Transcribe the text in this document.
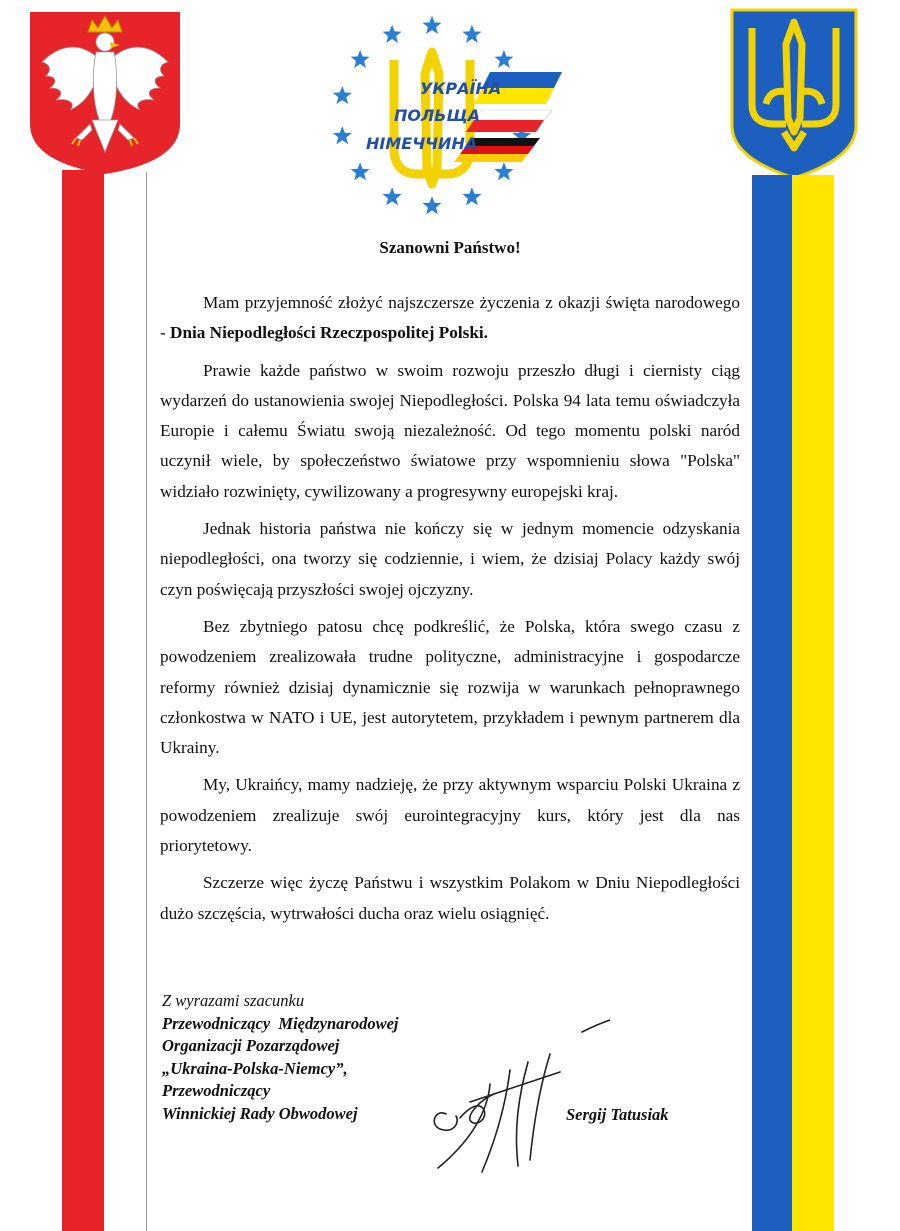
УКРАЇНА
ПОЛЬЩА
НІМЕЧЧИНА
Szanowni Państwo!

Mam przyjemność złożyć najszczersze życzenia z okazji święta narodowego - Dnia Niepodległości Rzeczpospolitej Polski.

Prawie każde państwo w swoim rozwoju przeszło długi i ciernisty ciąg wydarzeń do ustanowienia swojej Niepodległości. Polska 94 lata temu oświadczyła Europie i całemu Światu swoją niezależność. Od tego momentu polski naród uczynił wiele, by społeczeństwo światowe przy wspomnieniu słowa "Polska" widziało rozwinięty, cywilizowany a progresywny europejski kraj.

Jednak historia państwa nie kończy się w jednym momencie odzyskania niepodległości, ona tworzy się codziennie, i wiem, że dzisiaj Polacy każdy swój czyn poświęcają przyszłości swojej ojczyzny.

Bez zbytniego patosu chcę podkreślić, że Polska, która swego czasu z powodzeniem zrealizowała trudne polityczne, administracyjne i gospodarcze reformy również dzisiaj dynamicznie się rozwija w warunkach pełnoprawnego członkostwa w NATO i UE, jest autorytetem, przykładem i pewnym partnerem dla Ukrainy.

My, Ukraińcy, mamy nadzieję, że przy aktywnym wsparciu Polski Ukraina z powodzeniem zrealizuje swój eurointegracyjny kurs, który jest dla nas priorytetowy.

Szczerze więc życzę Państwu i wszystkim Polakom w Dniu Niepodległości dużo szczęścia, wytrwałości ducha oraz wielu osiągnięć.

Z wyrazami szacunku
Przewodniczący  Międzynarodowej
Organizacji Pozarządowej
„Ukraina-Polska-Niemcy”,
Przewodniczący
Winnickiej Rady Obwodowej	Sergij Tatusiak
